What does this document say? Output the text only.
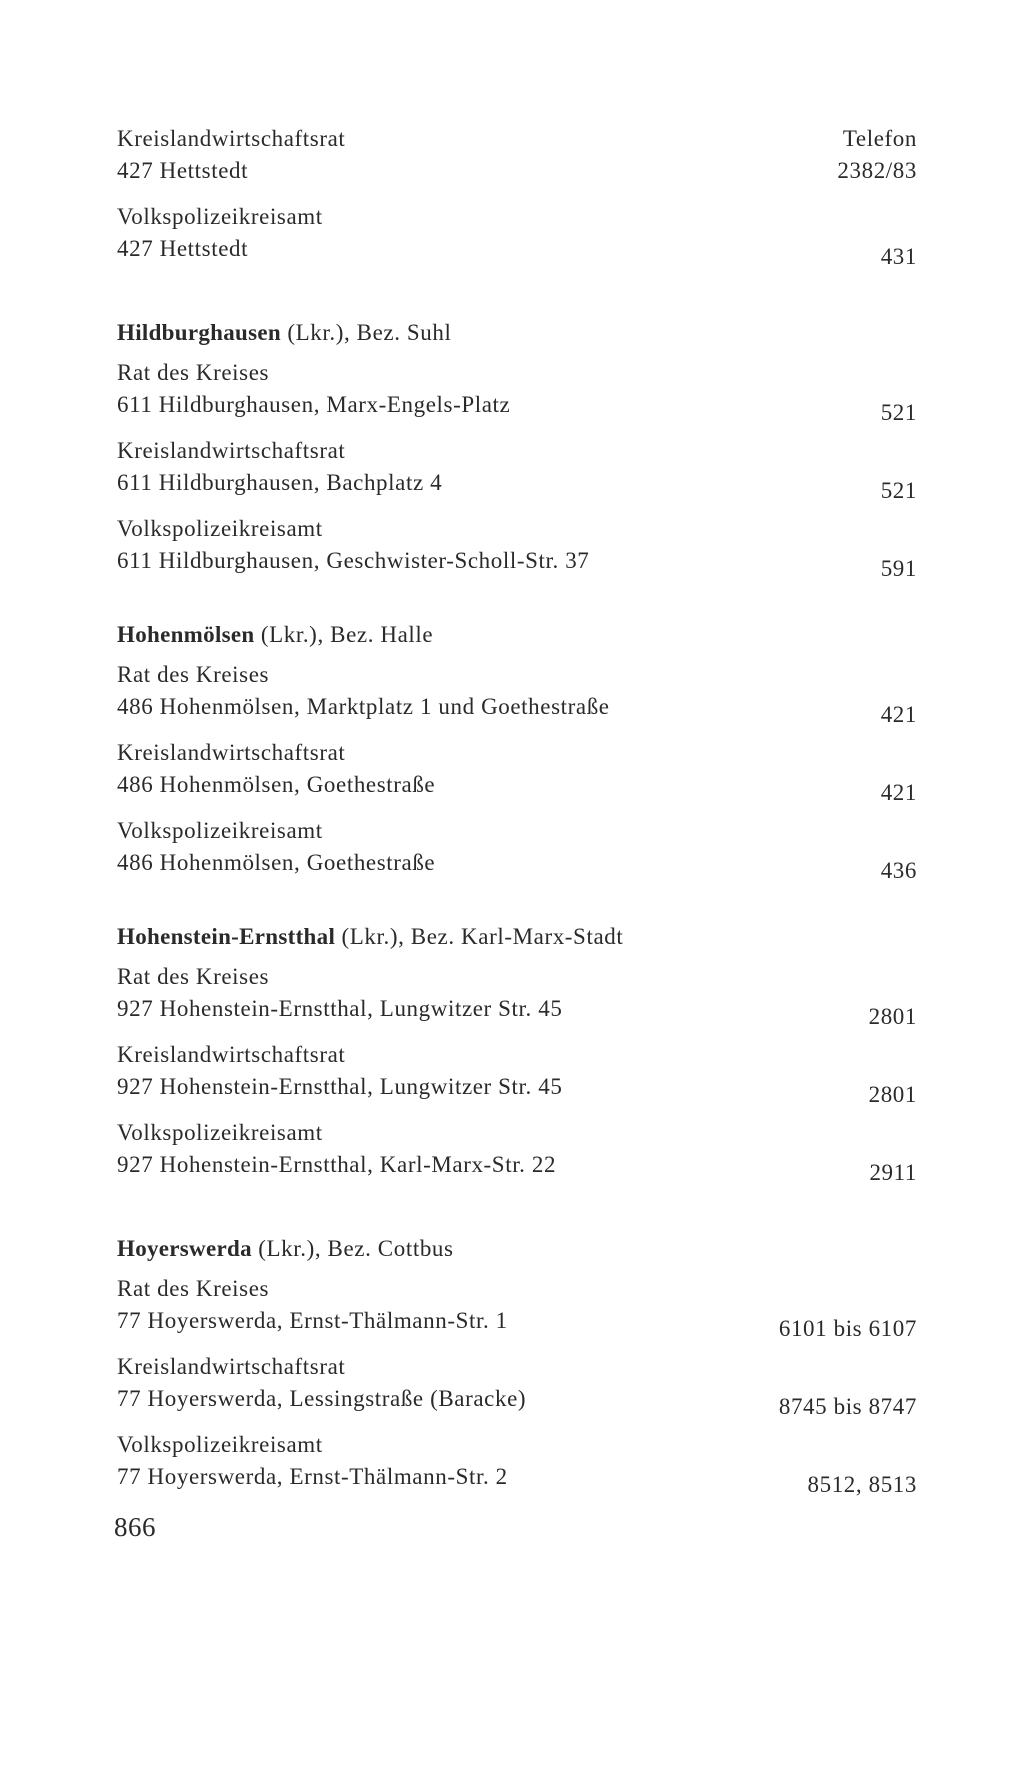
Kreislandwirtschaftsrat	Telefon
427 Hettstedt	2382/83
Volkspolizeikreisamt
427 Hettstedt	431
Hildburghausen (Lkr.), Bez. Suhl
Rat des Kreises
611 Hildburghausen, Marx-Engels-Platz	521
Kreislandwirtschaftsrat
611 Hildburghausen, Bachplatz 4	521
Volkspolizeikreisamt
611 Hildburghausen, Geschwister-Scholl-Str. 37	591
Hohenmölsen (Lkr.), Bez. Halle
Rat des Kreises
486 Hohenmölsen, Marktplatz 1 und Goethestraße	421
Kreislandwirtschaftsrat
486 Hohenmölsen, Goethestraße	421
Volkspolizeikreisamt
486 Hohenmölsen, Goethestraße	436
Hohenstein-Ernstthal (Lkr.), Bez. Karl-Marx-Stadt
Rat des Kreises
927 Hohenstein-Ernstthal, Lungwitzer Str. 45	2801
Kreislandwirtschaftsrat
927 Hohenstein-Ernstthal, Lungwitzer Str. 45	2801
Volkspolizeikreisamt
927 Hohenstein-Ernstthal, Karl-Marx-Str. 22	2911
Hoyerswerda (Lkr.), Bez. Cottbus
Rat des Kreises
77 Hoyerswerda, Ernst-Thälmann-Str. 1	6101 bis 6107
Kreislandwirtschaftsrat
77 Hoyerswerda, Lessingstraße (Baracke)	8745 bis 8747
Volkspolizeikreisamt
77 Hoyerswerda, Ernst-Thälmann-Str. 2	8512, 8513
866
